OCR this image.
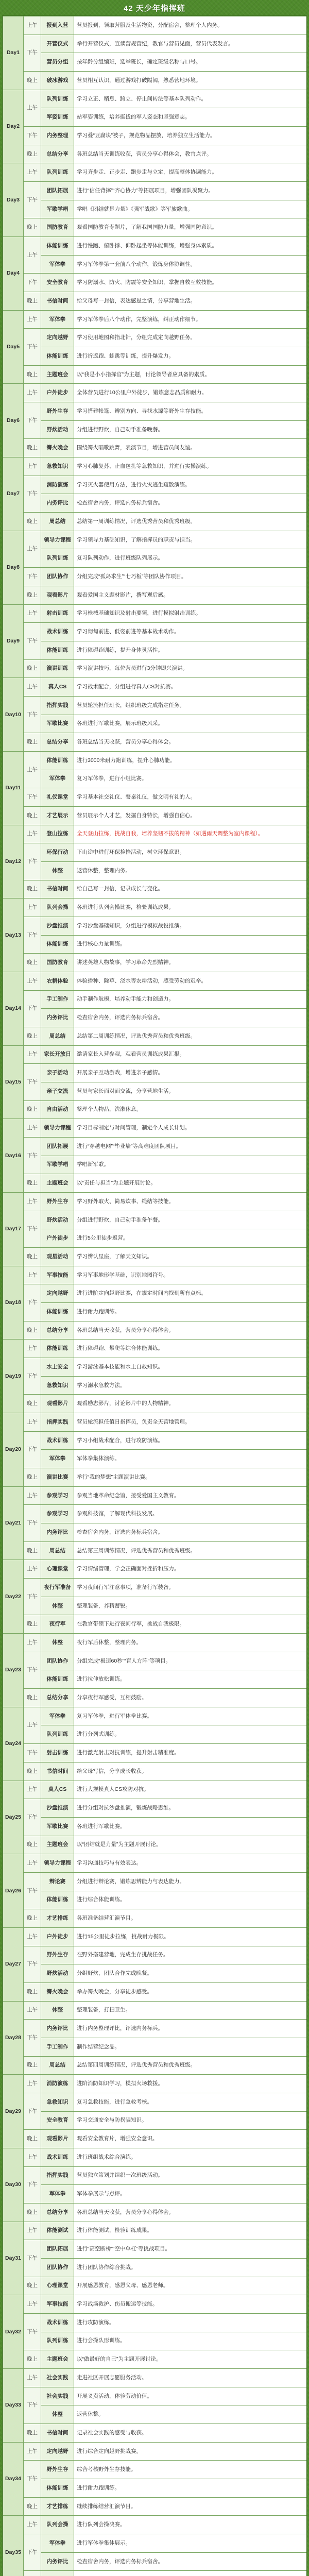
42 天少年指挥班
Day1	上午	报到入营	营员报到，领取营服及生活物资，分配宿舍，整理个人内务。
	下午	开营仪式	举行开营仪式，宣读营规营纪，教官与营员见面，营员代表发言。
		营员分组	按年龄分组编班，选举班长，确定班级名称与口号。
	晚上	破冰游戏	营员相互认识，通过游戏打破隔阂，熟悉营地环境。
Day2	上午	队列训练	学习立正、稍息、跨立、停止间转法等基本队列动作。
		军姿训练	站军姿训练，培养挺拔的军人姿态和坚强意志。
	下午	内务整理	学习叠“豆腐块”被子，规范物品摆放，培养独立生活能力。
	晚上	总结分享	各班总结当天训练收获，营员分享心得体会，教官点评。
Day3	上午	队列训练	学习齐步走、正步走、跑步走与立定，提高整体协调能力。
	下午	团队拓展	进行“信任背摔”“齐心协力”等拓展项目，增强团队凝聚力。
		军歌学唱	学唱《团结就是力量》《强军战歌》等军旅歌曲。
	晚上	国防教育	观看国防教育专题片，了解我国国防力量，增强国防意识。
Day4	上午	体能训练	进行慢跑、俯卧撑、仰卧起坐等体能训练，增强身体素质。
		军体拳	学习军体拳第一套前八个动作，锻炼身体协调性。
	下午	安全教育	学习防溺水、防火、防震等安全知识，掌握自救互救技能。
	晚上	书信时间	给父母写一封信，表达感恩之情，分享营地生活。
Day5	上午	军体拳	学习军体拳后八个动作，完整演练，纠正动作细节。
	下午	定向越野	学习使用地图和指北针，分组完成定向越野任务。
		体能训练	进行折返跑、蛙跳等训练，提升爆发力。
	晚上	主题班会	以“我是小小指挥官”为主题，讨论领导者应具备的素质。
Day6	上午	户外徒步	全体营员进行10公里户外徒步，锻炼意志品质和耐力。
	下午	野外生存	学习搭建帐篷、辨别方向、寻找水源等野外生存技能。
		野炊活动	分组进行野炊，自己动手准备晚餐。
	晚上	篝火晚会	围绕篝火唱歌跳舞，表演节目，增进营员间友谊。
Day7	上午	急救知识	学习心肺复苏、止血包扎等急救知识，并进行实操演练。
	下午	消防演练	学习灭火器使用方法，进行火灾逃生疏散演练。
		内务评比	检查宿舍内务，评选内务标兵宿舍。
	晚上	周总结	总结第一周训练情况，评选优秀营员和优秀班级。
Day8	上午	领导力课程	学习领导力基础知识，了解指挥员的职责与担当。
		队列训练	复习队列动作，进行班级队列展示。
	下午	团队协作	分组完成“孤岛求生”“七巧板”等团队协作项目。
	晚上	观看影片	观看爱国主义题材影片，撰写观后感。
Day9	上午	射击训练	学习枪械基础知识及射击要领，进行模拟射击训练。
	下午	战术训练	学习匍匐前进、低姿前进等基本战术动作。
		体能训练	进行障碍跑训练，提升身体灵活性。
	晚上	演讲训练	学习演讲技巧，每位营员进行3分钟即兴演讲。
Day10	上午	真人CS	学习战术配合，分组进行真人CS对抗赛。
	下午	指挥实践	营员轮流担任班长，组织班级完成指定任务。
		军歌比赛	各班进行军歌比赛，展示班级风采。
	晚上	总结分享	各班总结当天收获，营员分享心得体会。
Day11	上午	体能训练	进行3000米耐力跑训练，提升心肺功能。
		军体拳	复习军体拳，进行小组比赛。
	下午	礼仪课堂	学习基本社交礼仪、餐桌礼仪，做文明有礼的人。
	晚上	才艺展示	营员展示个人才艺，发掘自身特长，增强自信心。
Day12	上午	登山拉练	全天登山拉练，挑战自我，培养坚韧不拔的精神（如遇雨天调整为室内课程）。
	下午	环保行动	下山途中进行环保捡拾活动，树立环保意识。
		休整	返营休整，整理内务。
	晚上	书信时间	给自己写一封信，记录成长与变化。
Day13	上午	队列会操	各班进行队列会操比赛，检验训练成果。
	下午	沙盘推演	学习沙盘基础知识，分组进行模拟战役推演。
		体能训练	进行核心力量训练。
	晚上	国防教育	讲述英雄人物故事，学习革命先烈精神。
Day14	上午	农耕体验	体验播种、除草、浇水等农耕活动，感受劳动的艰辛。
	下午	手工制作	动手制作航模，培养动手能力和创造力。
		内务评比	检查宿舍内务，评选内务标兵宿舍。
	晚上	周总结	总结第二周训练情况，评选优秀营员和优秀班级。
Day15	上午	家长开放日	邀请家长入营参观，观看营员训练成果汇报。
	下午	亲子活动	开展亲子互动游戏，增进亲子感情。
		亲子交流	营员与家长面对面交流，分享营地生活。
	晚上	自由活动	整理个人物品，洗漱休息。
Day16	上午	领导力课程	学习目标制定与时间管理，制定个人成长计划。
	下午	团队拓展	进行“穿越电网”“毕业墙”等高难度团队项目。
		军歌学唱	学唱新军歌。
	晚上	主题班会	以“责任与担当”为主题开展讨论。
Day17	上午	野外生存	学习野外取火、简易炊事、绳结等技能。
	下午	野炊活动	分组进行野炊，自己动手准备午餐。
		户外徒步	进行5公里徒步返营。
	晚上	观星活动	学习辨认星座，了解天文知识。
Day18	上午	军事技能	学习军事地形学基础，识别地图符号。
	下午	定向越野	进行进阶定向越野比赛，在规定时间内找到所有点标。
		体能训练	进行耐力跑训练。
	晚上	总结分享	各班总结当天收获，营员分享心得体会。
Day19	上午	体能训练	进行障碍跑、攀爬等综合体能训练。
	下午	水上安全	学习游泳基本技能和水上自救知识。
		急救知识	学习溺水急救方法。
	晚上	观看影片	观看励志影片，讨论影片中的人物精神。
Day20	上午	指挥实践	营员轮流担任值日指挥员，负责全天营地管理。
	下午	战术训练	学习小组战术配合，进行攻防演练。
		军体拳	军体拳集体演练。
	晚上	演讲比赛	举行“我的梦想”主题演讲比赛。
Day21	上午	参观学习	参观当地革命纪念馆，接受爱国主义教育。
	下午	参观学习	参观科技馆，了解现代科技发展。
		内务评比	检查宿舍内务，评选内务标兵宿舍。
	晚上	周总结	总结第三周训练情况，评选优秀营员和优秀班级。
Day22	上午	心理课堂	学习情绪管理，学会正确面对挫折和压力。
	下午	夜行军准备	学习夜间行军注意事项，准备行军装备。
		休整	整理装备，养精蓄锐。
	晚上	夜行军	在教官带领下进行夜间行军，挑战自我极限。
Day23	上午	休整	夜行军后休整，整理内务。
	下午	团队协作	分组完成“极速60秒”“盲人方阵”等项目。
		体能训练	进行拉伸放松训练。
	晚上	总结分享	分享夜行军感受，互相鼓励。
Day24	上午	军体拳	复习军体拳，进行军体拳比赛。
		队列训练	进行分列式训练。
	下午	射击训练	进行激光射击对抗训练，提升射击精准度。
	晚上	书信时间	给父母写信，分享成长收获。
Day25	上午	真人CS	进行大规模真人CS攻防对抗。
	下午	沙盘推演	进行分组对抗沙盘推演，锻炼战略思维。
		军歌比赛	各班进行军歌比赛。
	晚上	主题班会	以“团结就是力量”为主题开展讨论。
Day26	上午	领导力课程	学习沟通技巧与有效表达。
	下午	辩论赛	分组进行辩论赛，锻炼思辨能力与表达能力。
		体能训练	进行综合体能训练。
	晚上	才艺排练	各班准备结营汇演节目。
Day27	上午	户外徒步	进行15公里徒步拉练，挑战耐力极限。
	下午	野外生存	在野外搭建营地，完成生存挑战任务。
		野炊活动	分组野炊，团队合作完成晚餐。
	晚上	篝火晚会	举办篝火晚会，分享徒步感受。
Day28	上午	休整	整理装备，打扫卫生。
	下午	内务评比	进行内务整理评比，评选内务标兵。
		手工制作	制作结营纪念品。
	晚上	周总结	总结第四周训练情况，评选优秀营员和优秀班级。
Day29	上午	消防演练	进阶消防知识学习，模拟火场救援。
	下午	急救知识	复习急救技能，进行急救考核。
		安全教育	学习交通安全与防拐骗知识。
	晚上	观看影片	观看安全教育片，增强安全意识。
Day30	上午	战术训练	进行班组战术综合演练。
	下午	指挥实践	营员独立策划并组织一次班级活动。
		军体拳	军体拳展示与点评。
	晚上	总结分享	各班总结当天收获，营员分享心得体会。
Day31	上午	体能测试	进行体能测试，检验训练成果。
	下午	团队拓展	进行“高空断桥”“空中单杠”等挑战项目。
		团队协作	进行团队协作综合挑战。
	晚上	心理课堂	开展感恩教育，感恩父母、感恩老师。
Day32	上午	军事技能	学习战场救护、伤员搬运等技能。
	下午	战术训练	进行攻防演练。
		队列训练	进行会操队形训练。
	晚上	主题班会	以“做最好的自己”为主题开展讨论。
Day33	上午	社会实践	走进社区开展志愿服务活动。
	下午	社会实践	开展义卖活动，体验劳动价值。
		休整	返营休整。
	晚上	书信时间	记录社会实践的感受与收获。
Day34	上午	定向越野	进行综合定向越野挑战赛。
	下午	野外生存	综合考核野外生存技能。
		体能训练	进行耐力跑训练。
	晚上	才艺排练	继续排练结营汇演节目。
Day35	上午	队列会操	进行队列会操决赛。
	下午	军体拳	进行军体拳集体展示。
		内务评比	检查宿舍内务，评选内务标兵宿舍。
